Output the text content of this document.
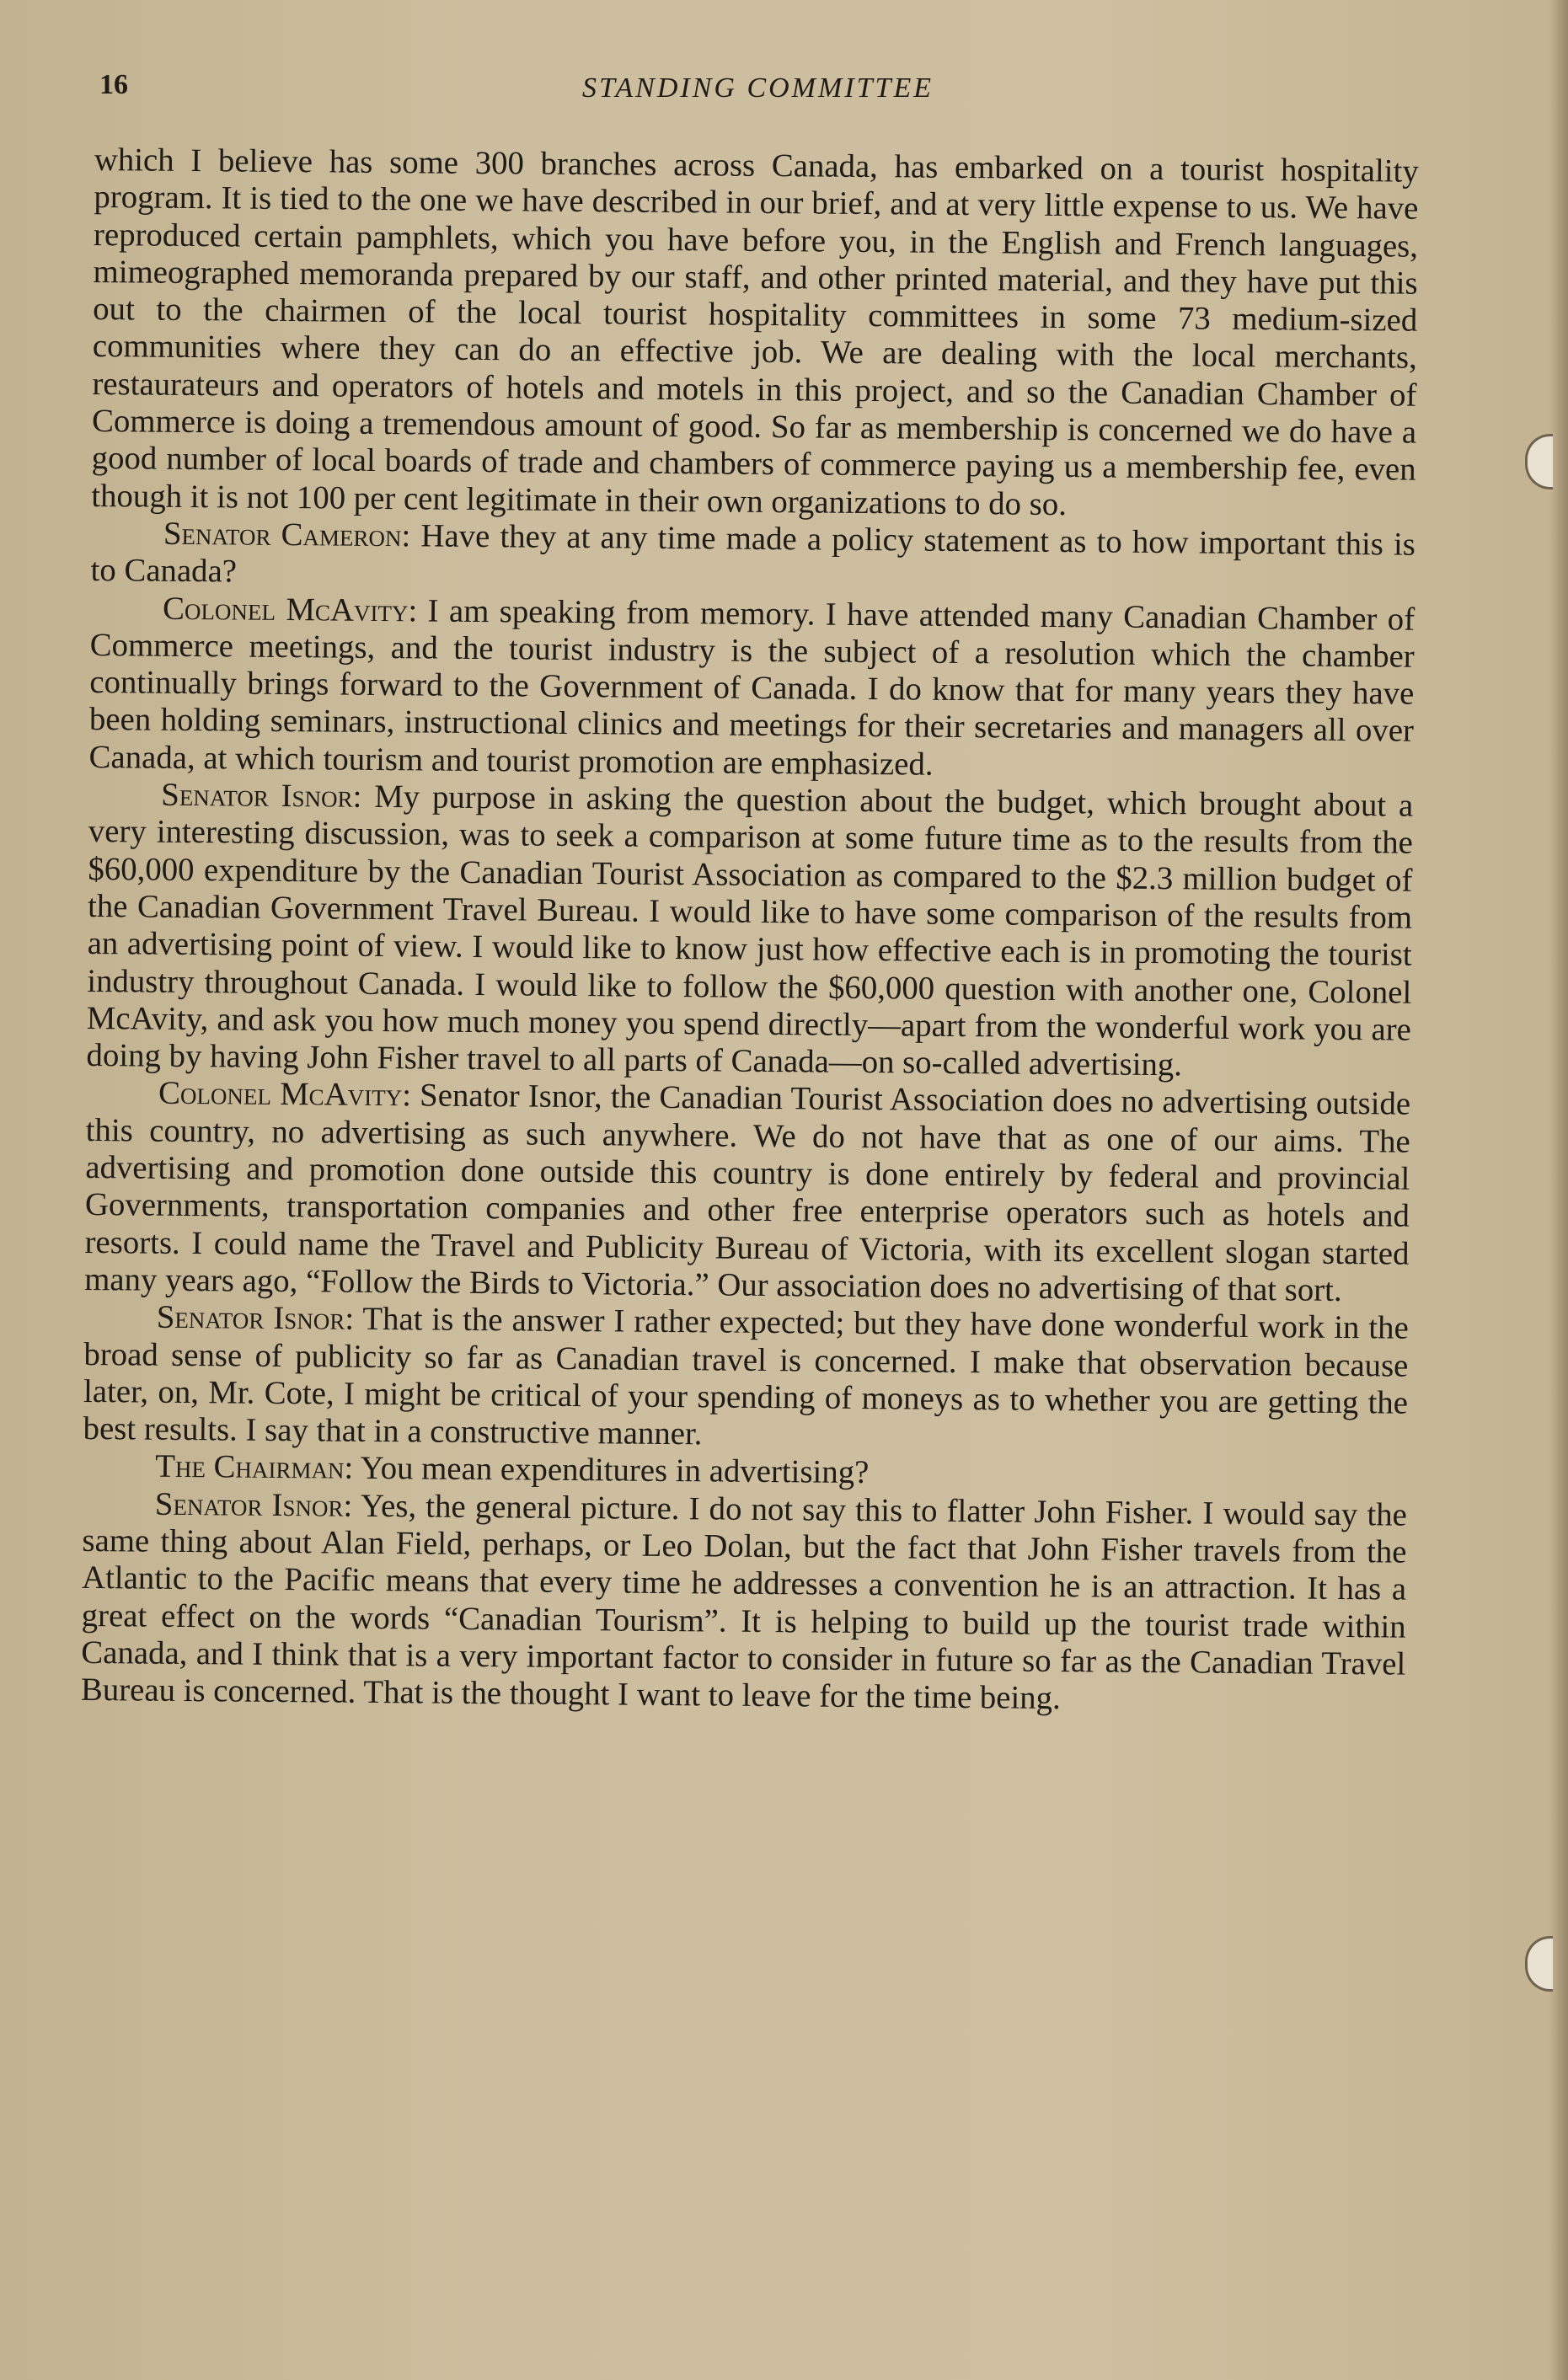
16	STANDING COMMITTEE

which I believe has some 300 branches across Canada, has embarked on a tourist hospitality program. It is tied to the one we have described in our brief, and at very little expense to us. We have reproduced certain pamphlets, which you have before you, in the English and French languages, mimeographed memoranda prepared by our staff, and other printed material, and they have put this out to the chairmen of the local tourist hospitality committees in some 73 medium-sized communities where they can do an effective job. We are dealing with the local merchants, restaurateurs and operators of hotels and motels in this project, and so the Canadian Chamber of Commerce is doing a tremendous amount of good. So far as membership is concerned we do have a good number of local boards of trade and chambers of commerce paying us a membership fee, even though it is not 100 per cent legitimate in their own organizations to do so.

Senator Cameron: Have they at any time made a policy statement as to how important this is to Canada?

Colonel McAvity: I am speaking from memory. I have attended many Canadian Chamber of Commerce meetings, and the tourist industry is the subject of a resolution which the chamber continually brings forward to the Government of Canada. I do know that for many years they have been holding seminars, instructional clinics and meetings for their secretaries and managers all over Canada, at which tourism and tourist promotion are emphasized.

Senator Isnor: My purpose in asking the question about the budget, which brought about a very interesting discussion, was to seek a comparison at some future time as to the results from the $60,000 expenditure by the Canadian Tourist Association as compared to the $2.3 million budget of the Canadian Government Travel Bureau. I would like to have some comparison of the results from an advertising point of view. I would like to know just how effective each is in promoting the tourist industry throughout Canada. I would like to follow the $60,000 question with another one, Colonel McAvity, and ask you how much money you spend directly—apart from the wonderful work you are doing by having John Fisher travel to all parts of Canada—on so-called advertising.

Colonel McAvity: Senator Isnor, the Canadian Tourist Association does no advertising outside this country, no advertising as such anywhere. We do not have that as one of our aims. The advertising and promotion done outside this country is done entirely by federal and provincial Governments, transportation companies and other free enterprise operators such as hotels and resorts. I could name the Travel and Publicity Bureau of Victoria, with its excellent slogan started many years ago, “Follow the Birds to Victoria.” Our association does no advertising of that sort.

Senator Isnor: That is the answer I rather expected; but they have done wonderful work in the broad sense of publicity so far as Canadian travel is concerned. I make that observation because later, on, Mr. Cote, I might be critical of your spending of moneys as to whether you are getting the best results. I say that in a constructive manner.

The Chairman: You mean expenditures in advertising?

Senator Isnor: Yes, the general picture. I do not say this to flatter John Fisher. I would say the same thing about Alan Field, perhaps, or Leo Dolan, but the fact that John Fisher travels from the Atlantic to the Pacific means that every time he addresses a convention he is an attraction. It has a great effect on the words “Canadian Tourism”. It is helping to build up the tourist trade within Canada, and I think that is a very important factor to consider in future so far as the Canadian Travel Bureau is concerned. That is the thought I want to leave for the time being.
